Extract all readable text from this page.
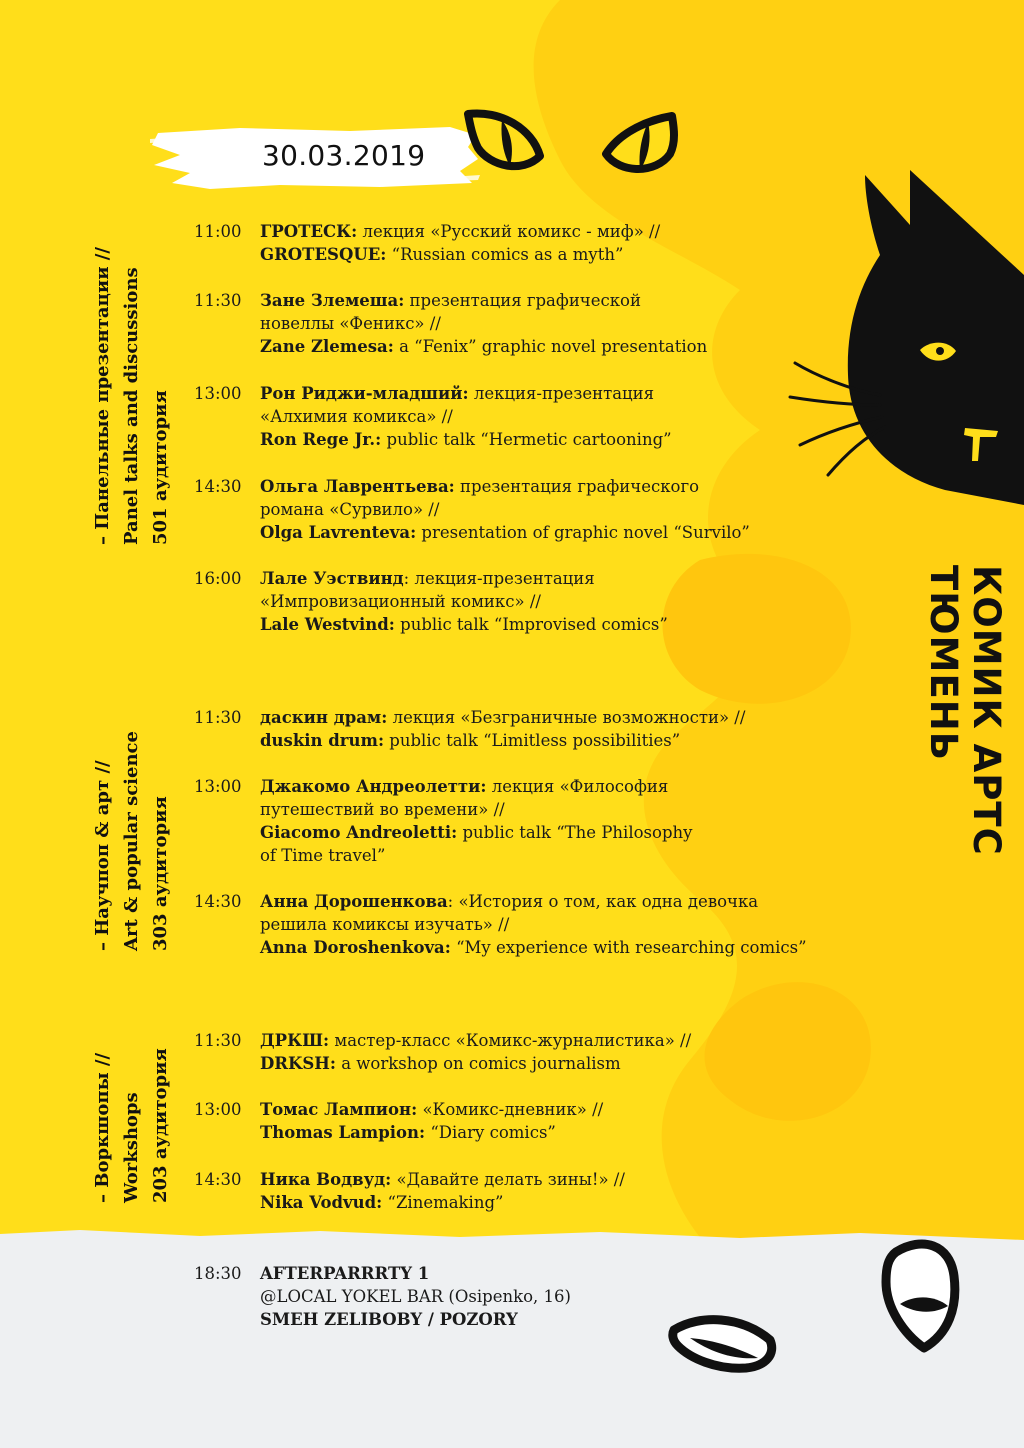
30.03.2019
КОМИК АРТС ТЮМЕНЬ
– Панельные презентации // Panel talks and discussions 501 аудитория
– Научпоп & арт // Art & popular science 303 аудитория
– Воркшопы // Workshops 203 аудитория
11:00	ГРОТЕСК: лекция «Русский комикс - миф» //
GROTESQUE: “Russian comics as a myth”
11:30	Зане Злемеша: презентация графической
новеллы «Феникс» //
Zane Zlemesa: a “Fenix” graphic novel presentation
13:00	Рон Риджи-младший: лекция-презентация
«Алхимия комикса» //
Ron Rege Jr.: public talk “Hermetic cartooning”
14:30	Ольга Лаврентьева: презентация графического
романа «Сурвило» //
Olga Lavrenteva: presentation of graphic novel “Survilo”
16:00	Лале Уэствинд: лекция-презентация
«Импровизационный комикс» //
Lale Westvind: public talk “Improvised comics”
11:30	даскин драм: лекция «Безграничные возможности» //
duskin drum: public talk “Limitless possibilities”
13:00	Джакомо Андреолетти: лекция «Философия
путешествий во времени» //
Giacomo Andreoletti: public talk “The Philosophy
of Time travel”
14:30	Анна Дорошенкова: «История о том, как одна девочка
решила комиксы изучать» //
Anna Doroshenkova: “My experience with researching comics”
11:30	ДРКШ: мастер-класс «Комикс-журналистика» //
DRKSH: a workshop on comics journalism
13:00	Томас Лампион: «Комикс-дневник» //
Thomas Lampion: “Diary comics”
14:30	Ника Водвуд: «Давайте делать зины!» //
Nika Vodvud: “Zinemaking”
18:30	AFTERPARRRTY 1
@LOCAL YOKEL BAR (Osipenko, 16)
SMEH ZELIBOBY / POZORY
